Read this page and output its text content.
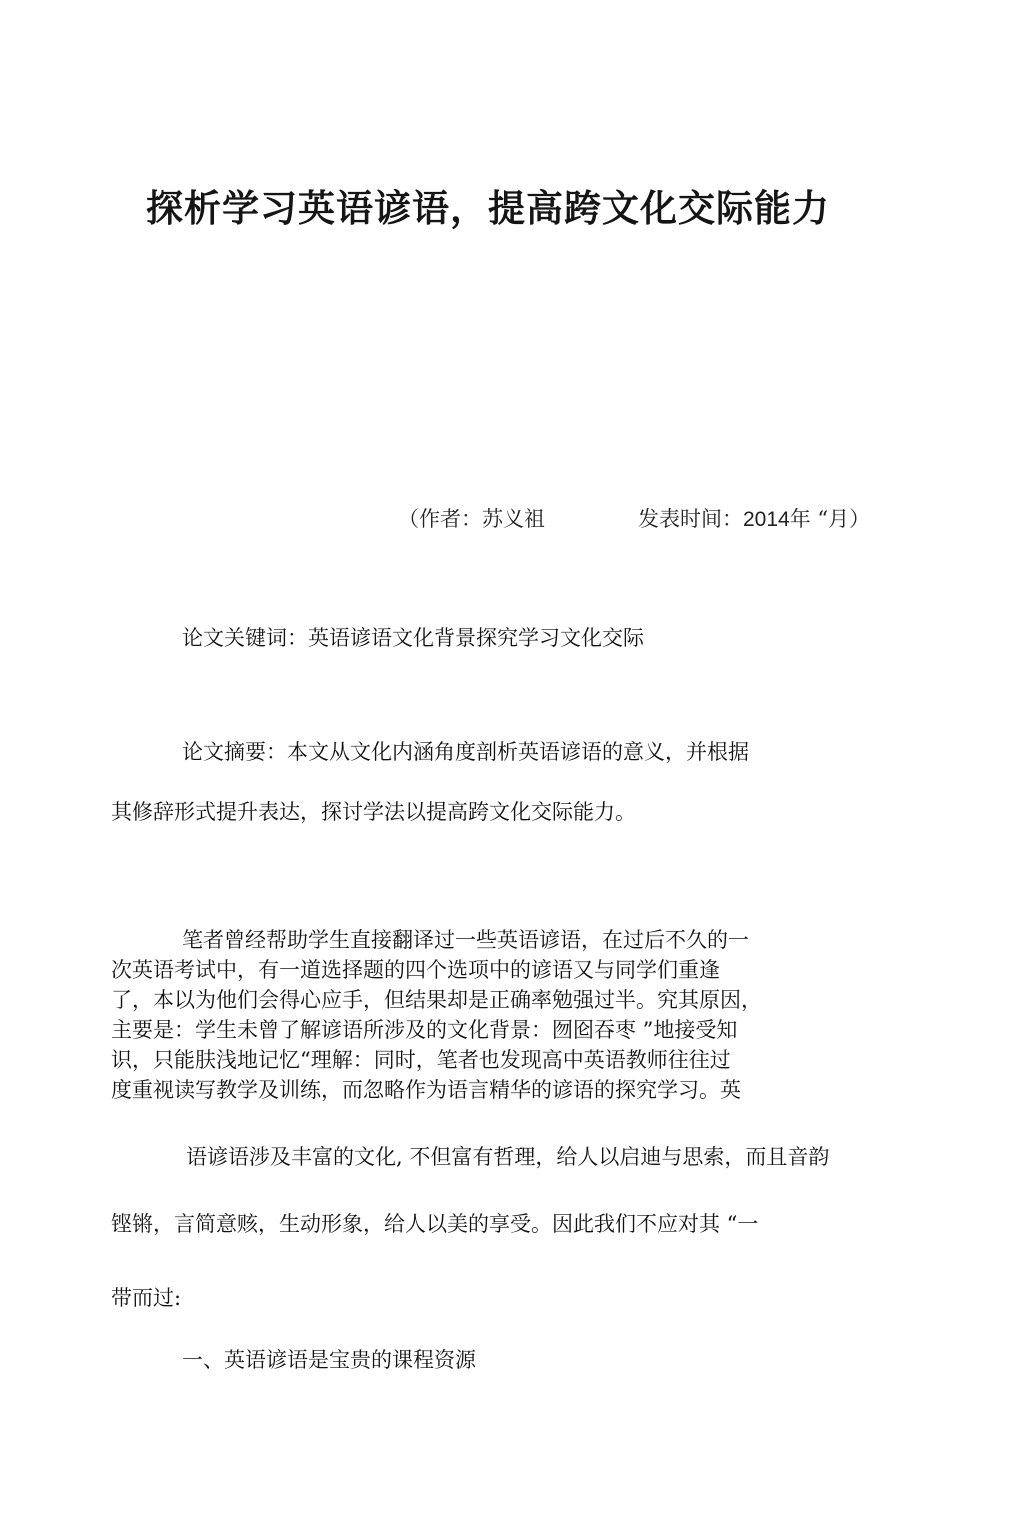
探析学习英语谚语，提高跨文化交际能力
（作者：苏义祖	发表时间：2014年 “月）
论文关键词：英语谚语文化背景探究学习文化交际
论文摘要：本文从文化内涵角度剖析英语谚语的意义，并根据
其修辞形式提升表达，探讨学法以提高跨文化交际能力。
笔者曾经帮助学生直接翻译过一些英语谚语，在过后不久的一
次英语考试中，有一道选择题的四个选项中的谚语又与同学们重逢
了，本以为他们会得心应手，但结果却是正确率勉强过半。究其原因，
主要是：学生未曾了解谚语所涉及的文化背景：囫囵吞枣 ”地接受知
识，只能肤浅地记忆“理解：同时，笔者也发现高中英语教师往往过
度重视读写教学及训练，而忽略作为语言精华的谚语的探究学习。英
语谚语涉及丰富的文化, 不但富有哲理，给人以启迪与思索，而且音韵
铿锵，言简意赅，生动形象，给人以美的享受。因此我们不应对其 “一
带而过:
一、英语谚语是宝贵的课程资源
